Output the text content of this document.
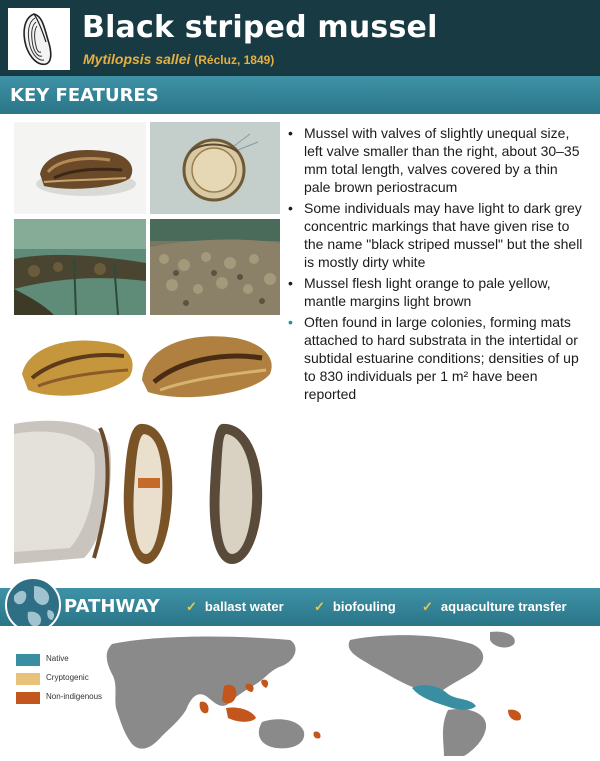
Black striped mussel
Mytilopsis sallei (Récluz, 1849)
KEY FEATURES
• Mussel with valves of slightly unequal size, left valve smaller than the right, about 30–35 mm total length, valves covered by a thin pale brown periostracum
• Some individuals may have light to dark grey concentric markings that have given rise to the name "black striped mussel" but the shell is mostly dirty white
• Mussel flesh light orange to pale yellow, mantle margins light brown
• Often found in large colonies, forming mats attached to hard substrata in the intertidal or subtidal estuarine conditions; densities of up to 830 individuals per 1 m² have been reported
PATHWAY ✓ ballast water ✓ biofouling ✓ aquaculture transfer
Native
Cryptogenic
Non-indigenous
